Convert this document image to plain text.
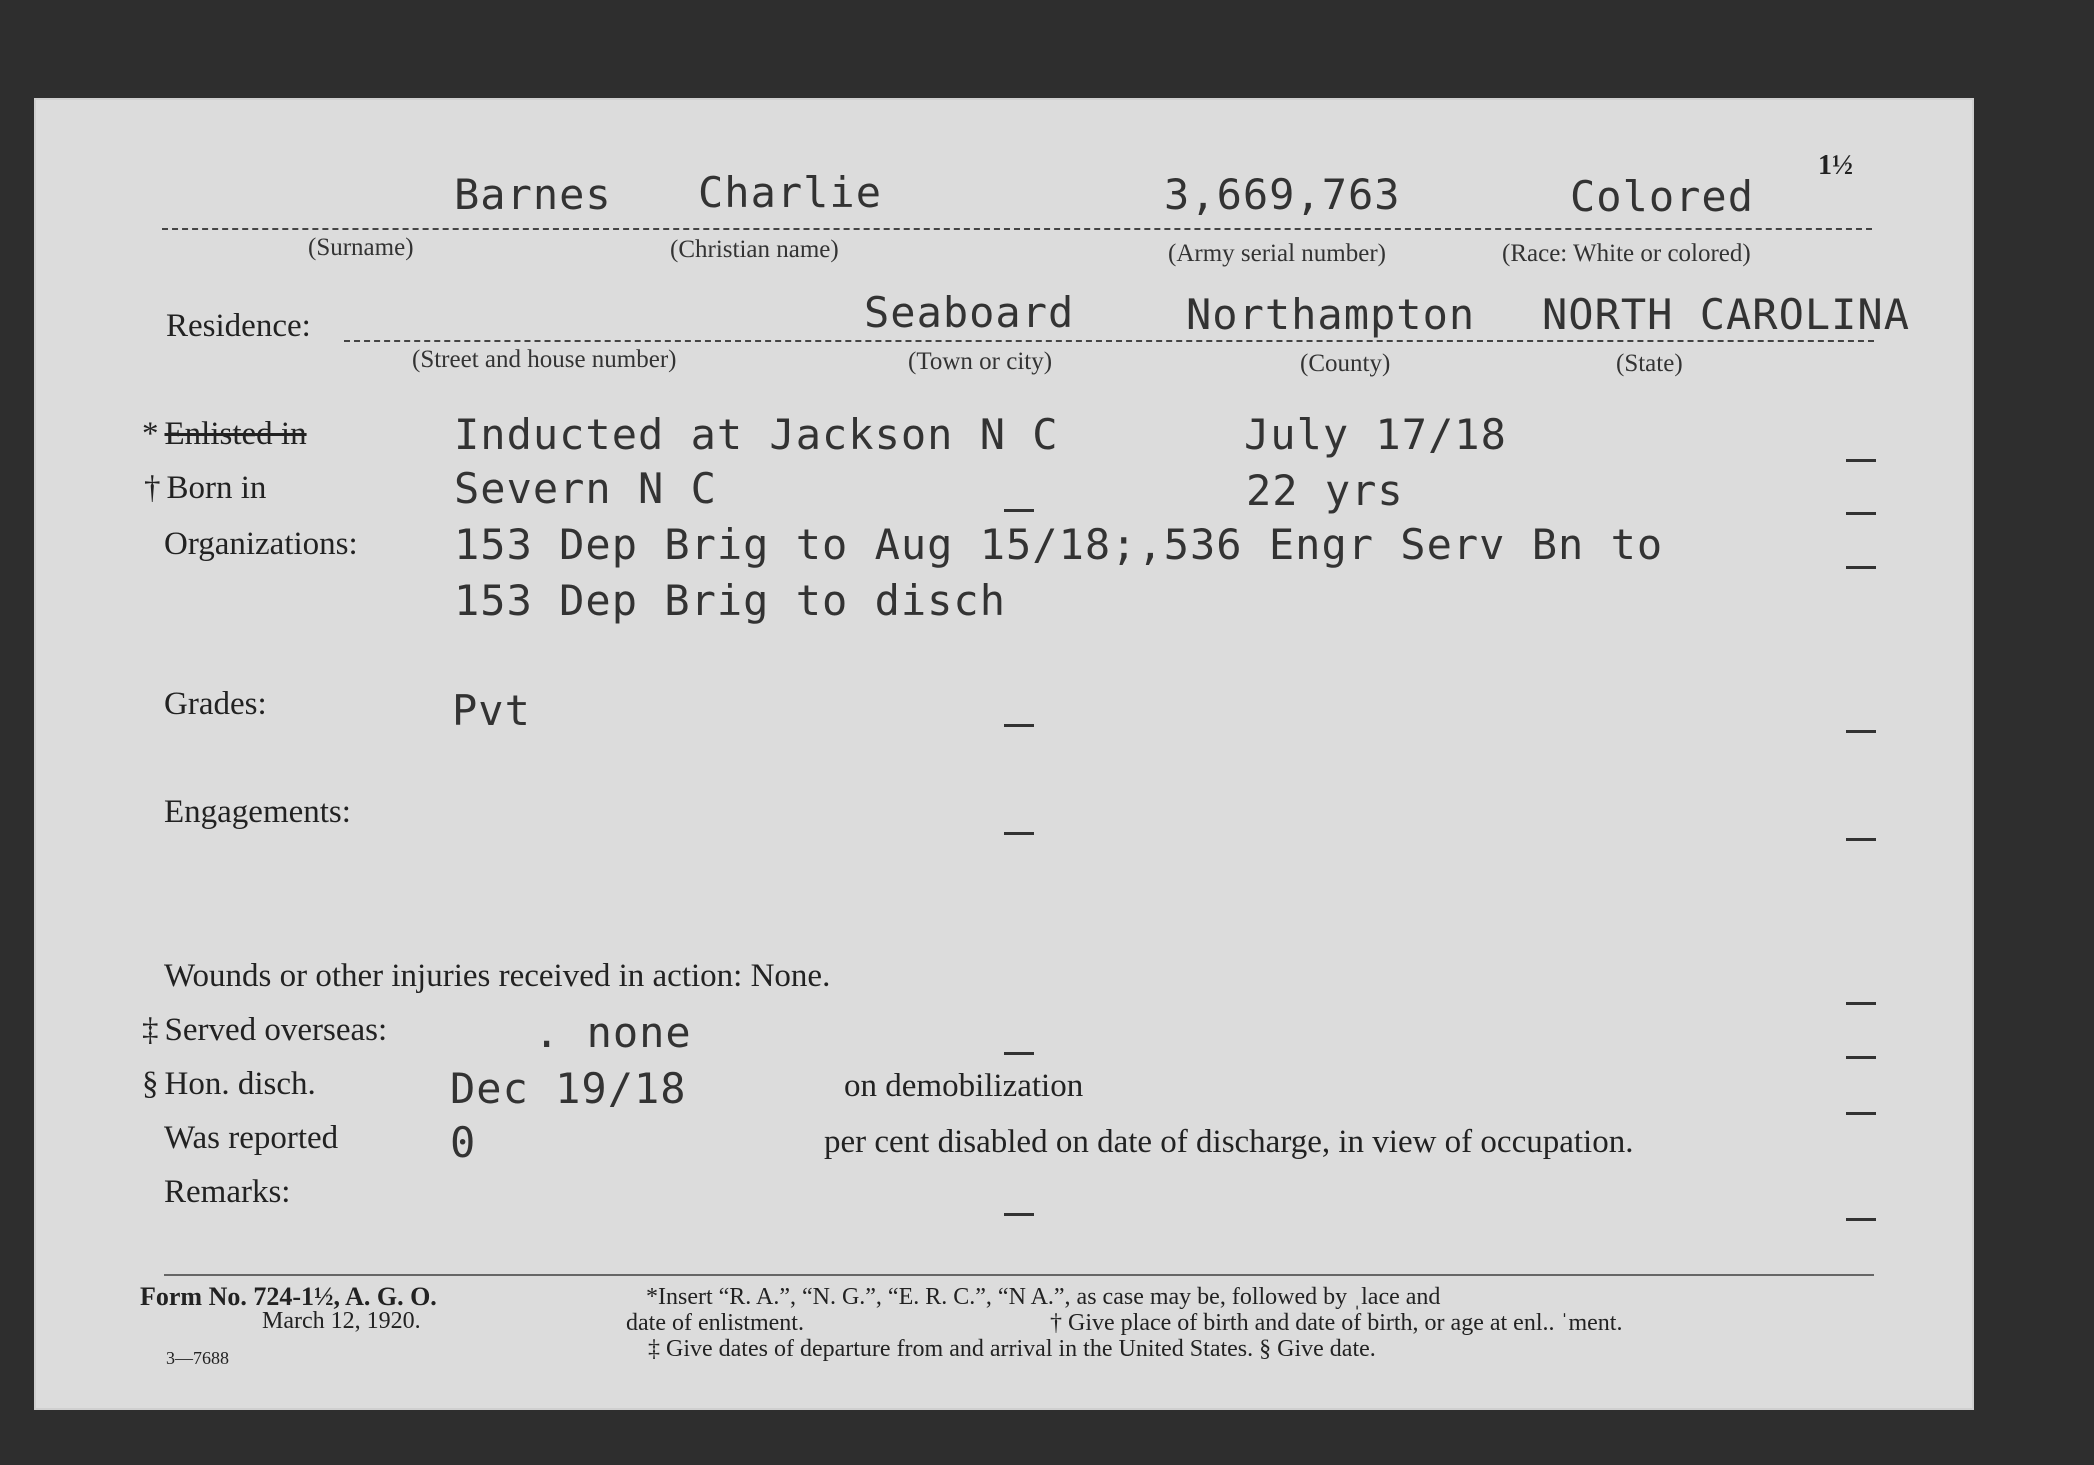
Barnes Charlie	3,669,763	Colored
1½
(Surname)	(Christian name)	(Army serial number)	(Race: White or colored)
Residence:	Seaboard	Northampton NORTH CAROLINA
(Street and house number)	(Town or city)	(County)	(State)
* Enlisted in	Inducted at Jackson N C	July 17/18
† Born in	Severn N C	22 yrs
Organizations: 153 Dep Brig to Aug 15/18;,536 Engr Serv Bn to
153 Dep Brig to disch
Grades:	Pvt
Engagements:
Wounds or other injuries received in action: None.
‡ Served overseas:	. none
§ Hon. disch.	Dec 19/18	on demobilization
Was reported	0	per cent disabled on date of discharge, in view of occupation.
Remarks:
Form No. 724-1½, A. G. O.
March 12, 1920.
3—7688
*Insert “R. A.”, “N. G.”, “E. R. C.”, “N A.”, as case may be, followed by ˌlace and
date of enlistment.	† Give place of birth and date of birth, or age at enl.. ˈment.
‡ Give dates of departure from and arrival in the United States. § Give date.
